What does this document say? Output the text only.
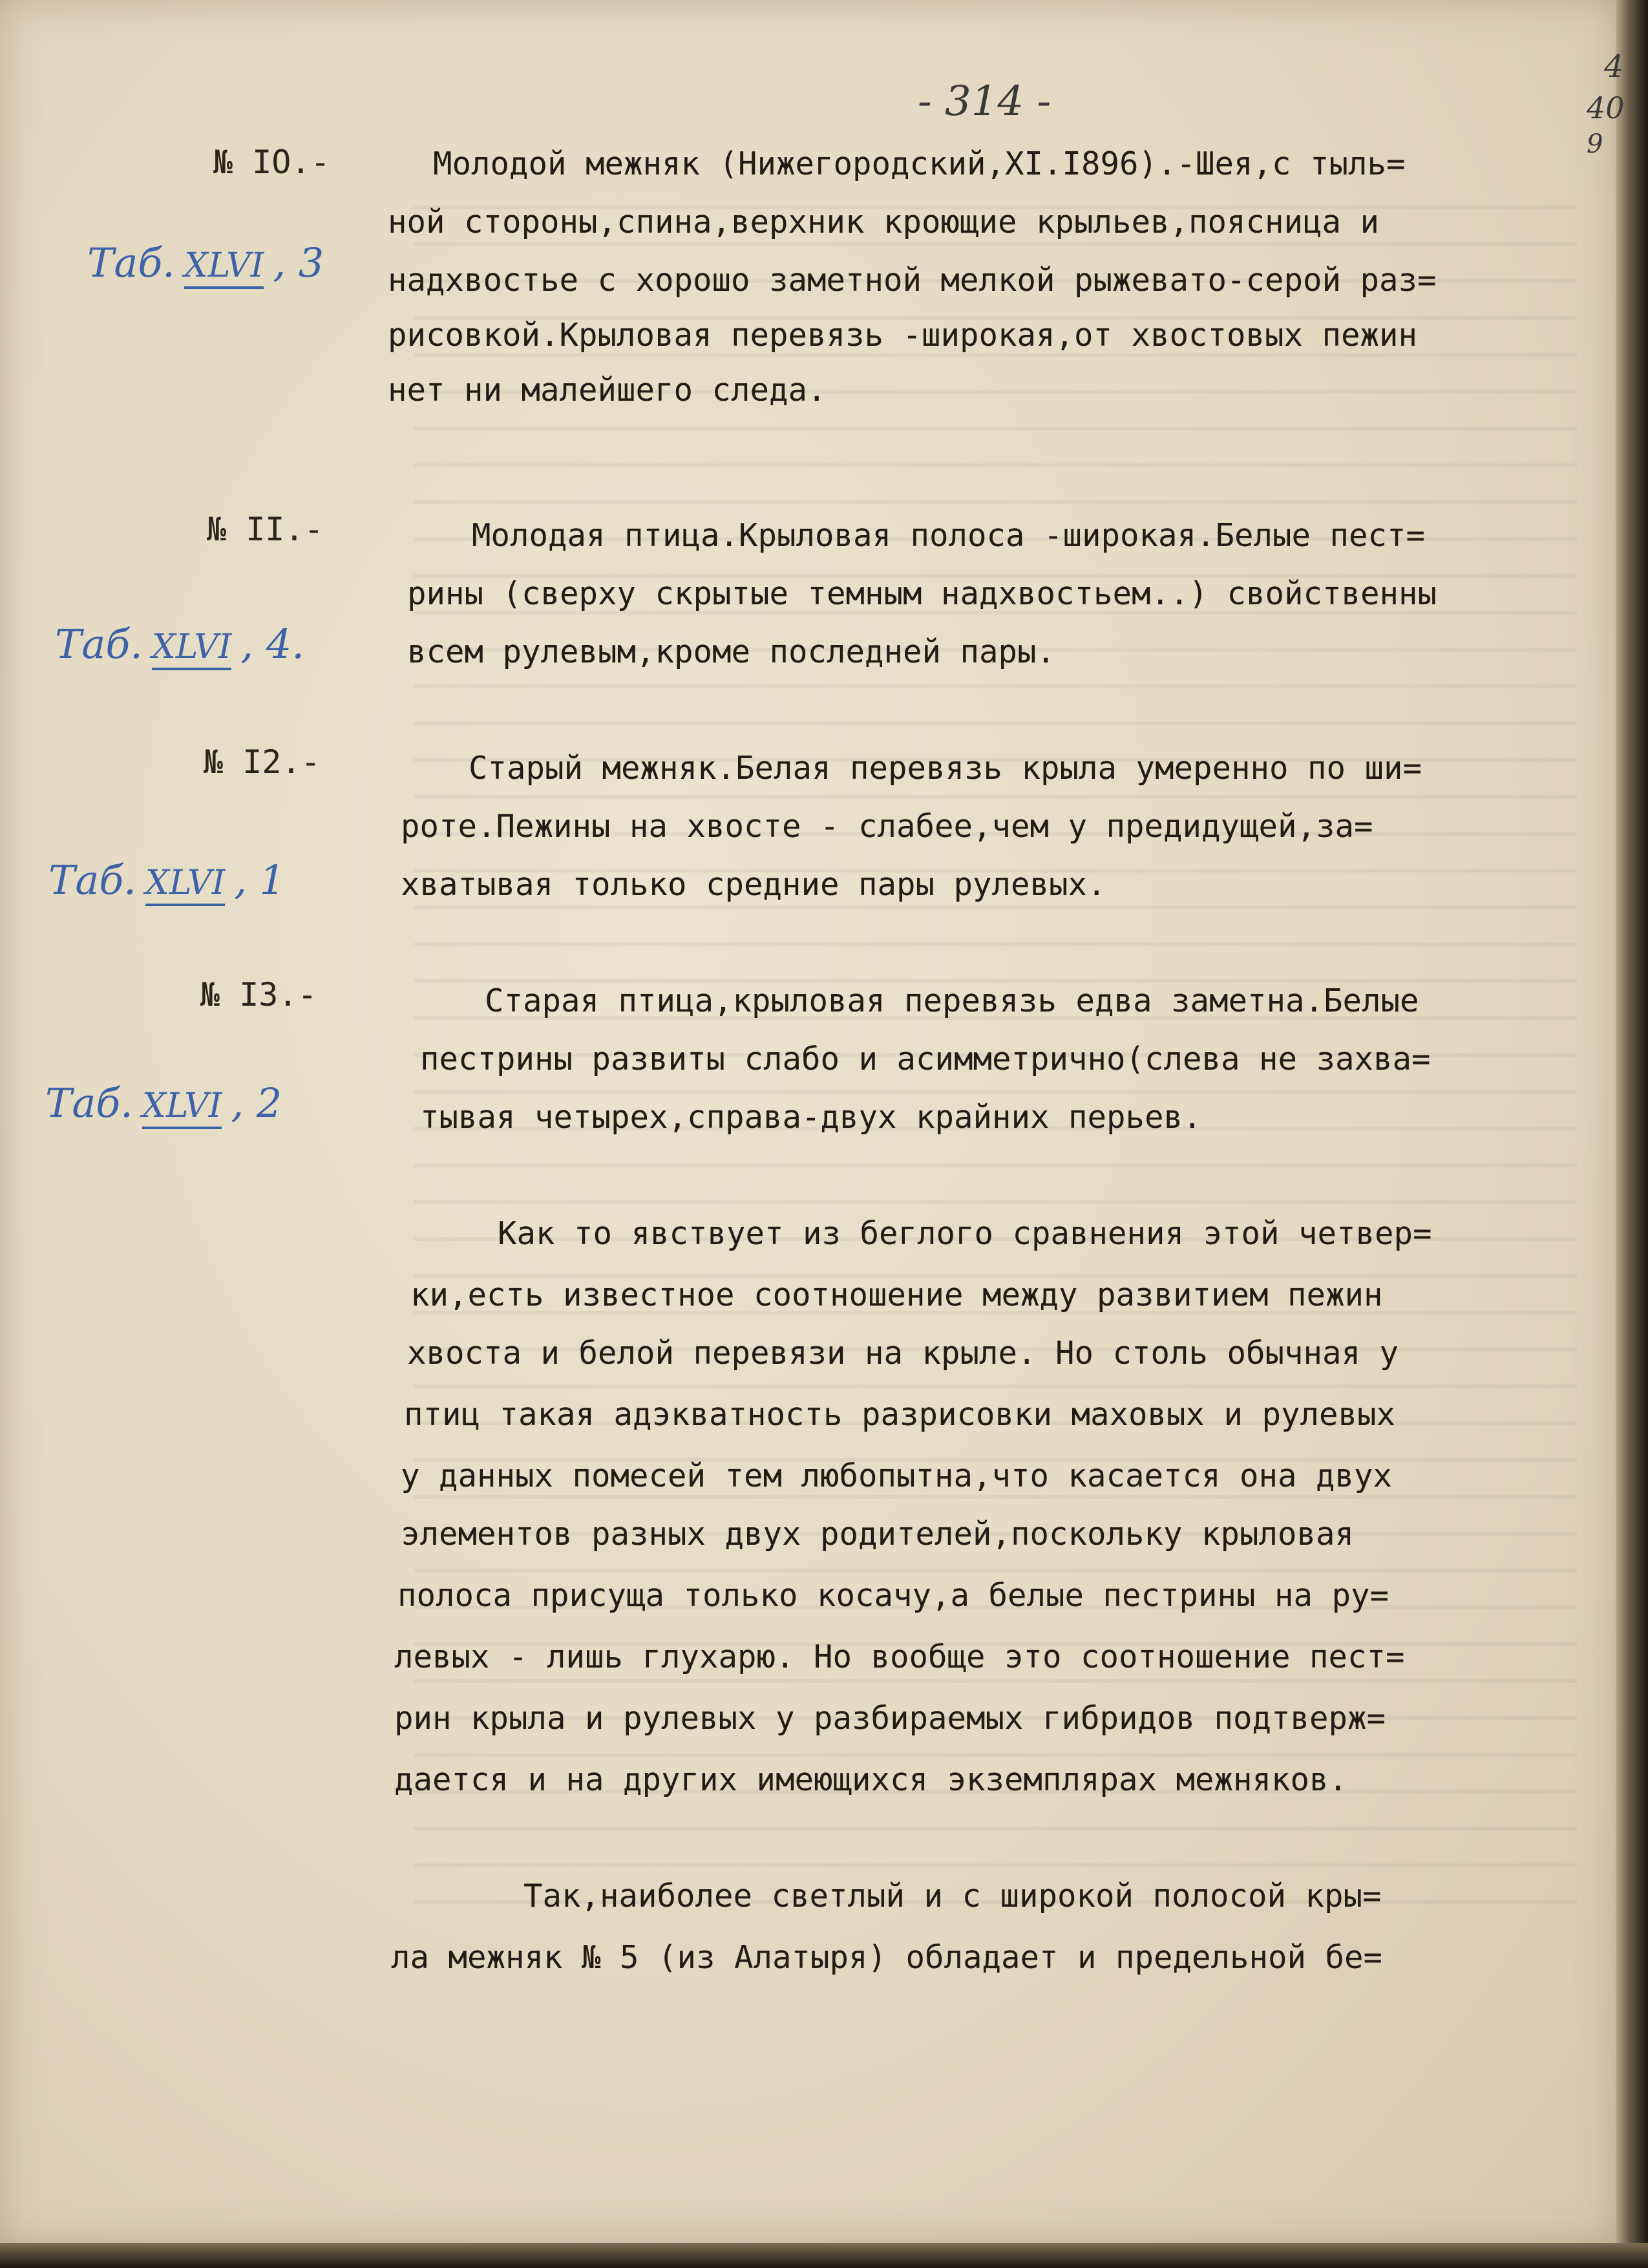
- 314 -
4
40
9
№ IO.-
№ II.-
№ I2.-
№ I3.-
Таб. XLVI , 3
Таб. XLVI , 4.
Таб. XLVI , 1
Таб. XLVI , 2
Молодой межняк (Нижегородский,XI.I896).-Шея,с тыль=
ной стороны,спина,верхник кроющие крыльев,поясница и
надхвостье с хорошо заметной мелкой рыжевато-серой раз=
рисовкой.Крыловая перевязь -широкая,от хвостовых пежин
нет ни малейшего следа.
Молодая птица.Крыловая полоса -широкая.Белые пест=
рины (сверху скрытые темным надхвостьем..) свойственны
всем рулевым,кроме последней пары.
Старый межняк.Белая перевязь крыла умеренно по ши=
роте.Пежины на хвосте - слабее,чем у предидущей,за=
хватывая только средние пары рулевых.
Старая птица,крыловая перевязь едва заметна.Белые
пестрины развиты слабо и асимметрично(слева не захва=
тывая четырех,справа-двух крайних перьев.
Как то явствует из беглого сравнения этой четвер=
ки,есть известное соотношение между развитием пежин
хвоста и белой перевязи на крыле. Но столь обычная у
птиц такая адэкватность разрисовки маховых и рулевых
у данных помесей тем любопытна,что касается она двух
элементов разных двух родителей,поскольку крыловая
полоса присуща только косачу,а белые пестрины на ру=
левых - лишь глухарю. Но вообще это соотношение пест=
рин крыла и рулевых у разбираемых гибридов подтверж=
дается и на других имеющихся экземплярах межняков.
Так,наиболее светлый и с широкой полосой кры=
ла межняк № 5 (из Алатыря) обладает и предельной бе=
